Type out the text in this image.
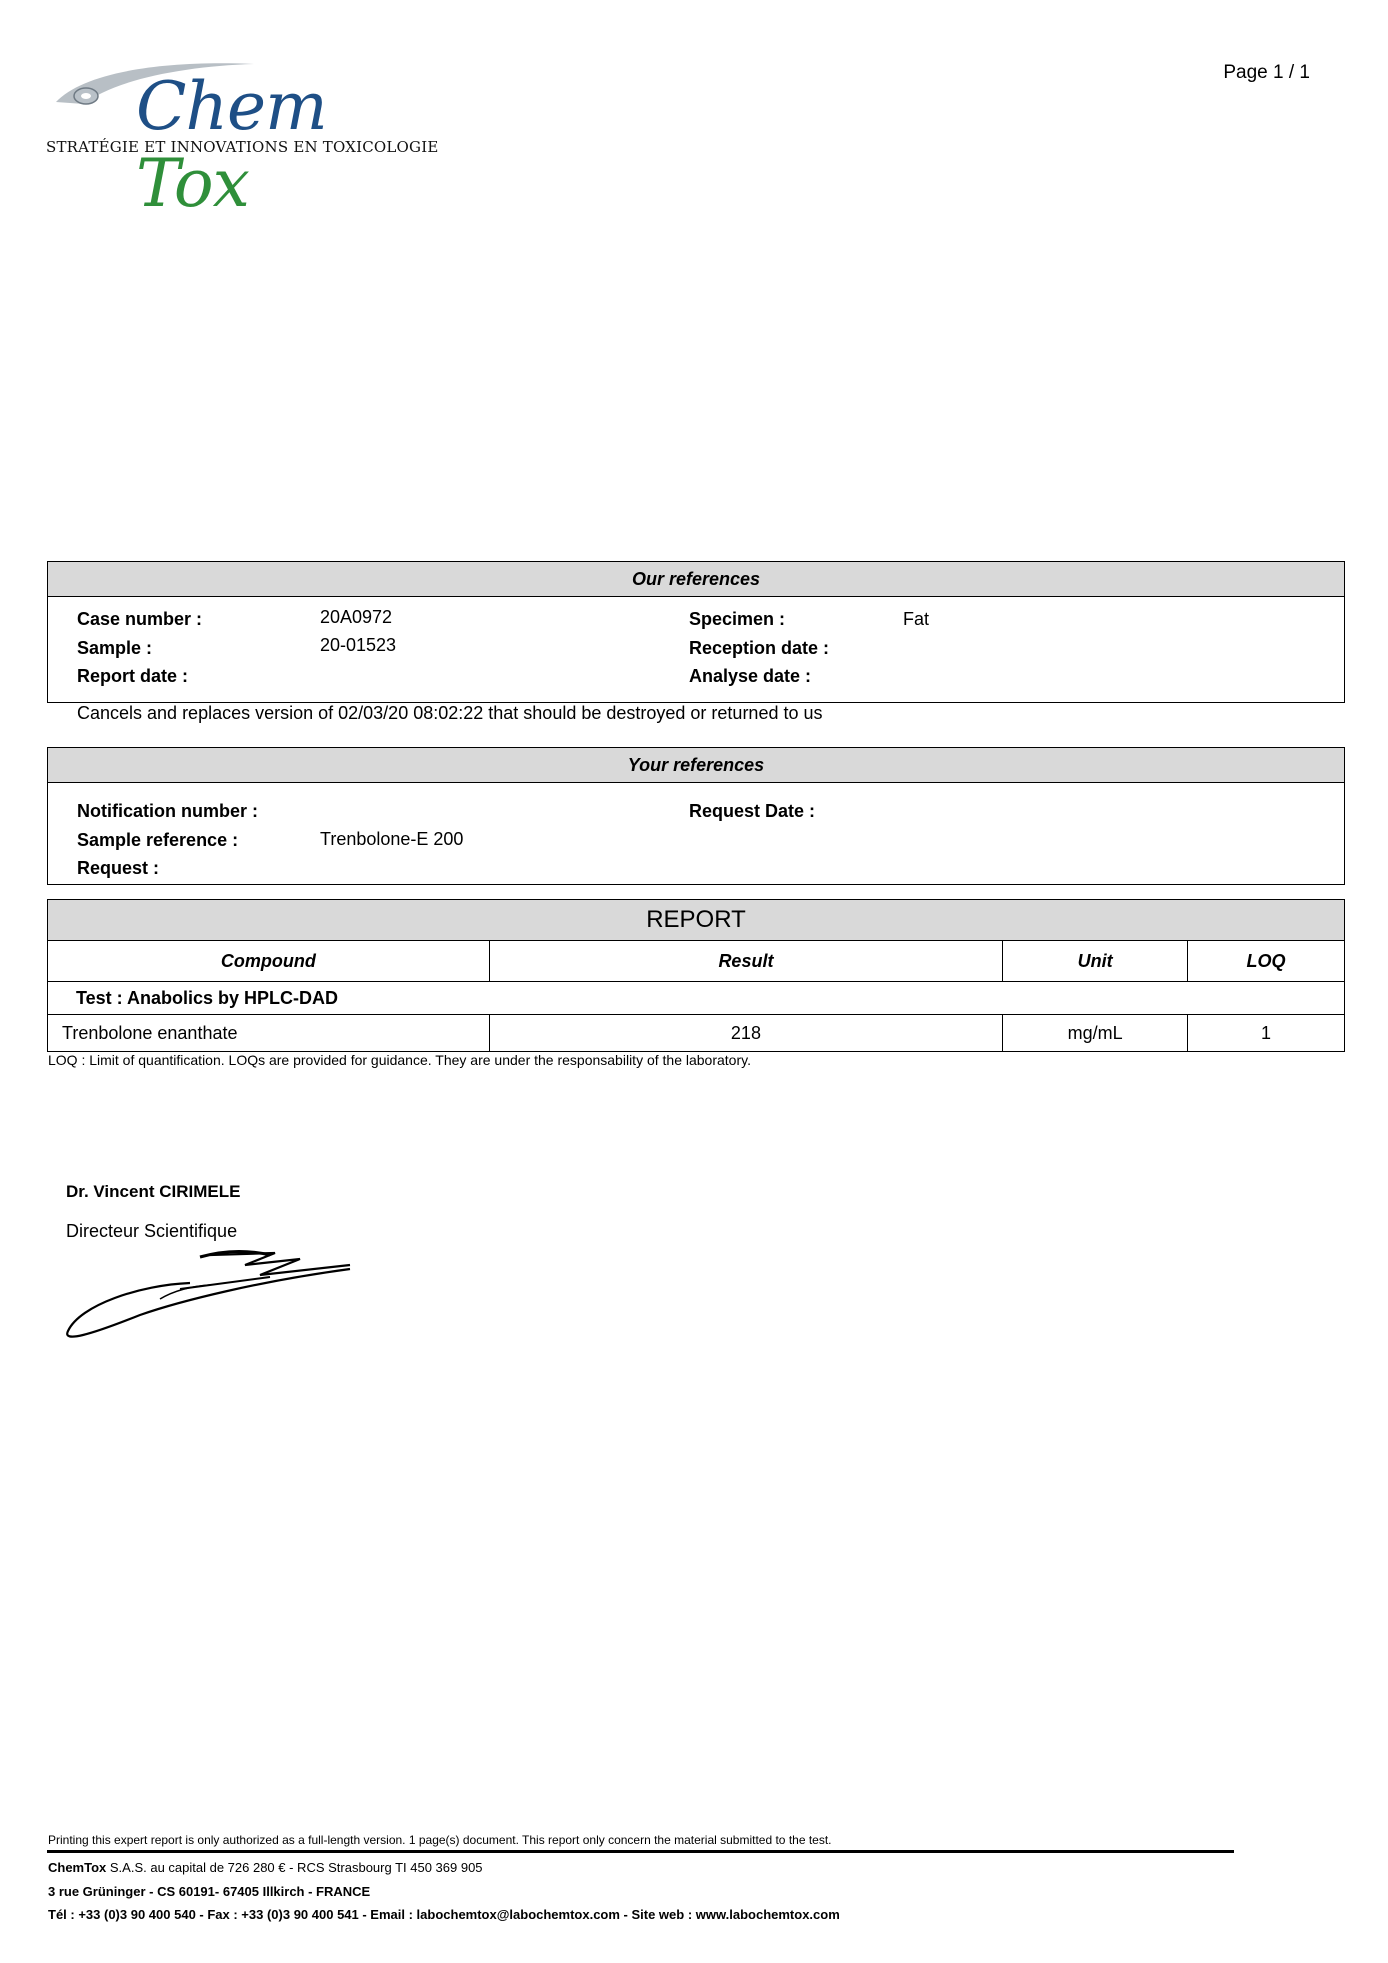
Chem Tox
STRATÉGIE ET INNOVATIONS EN TOXICOLOGIE
Page 1 / 1
Our references
Case number :	20A0972
Sample :	20-01523
Report date :
Specimen :	Fat
Reception date :
Analyse date :
Cancels and replaces version of 02/03/20 08:02:22 that should be destroyed or returned to us
Your references
Notification number :
Sample reference :	Trenbolone-E 200
Request :
Request Date :
REPORT			
Compound	Result	Unit	LOQ
Test : Anabolics by HPLC-DAD			
Trenbolone enanthate	218	mg/mL	1
LOQ : Limit of quantification. LOQs are provided for guidance. They are under the responsability of the laboratory.
Dr. Vincent CIRIMELE
Directeur Scientifique
Printing this expert report is only authorized as a full-length version. 1 page(s) document. This report only concern the material submitted to the test.
ChemTox S.A.S. au capital de 726 280 € - RCS Strasbourg TI 450 369 905
3 rue Grüninger - CS 60191- 67405 Illkirch - FRANCE
Tél : +33 (0)3 90 400 540 - Fax : +33 (0)3 90 400 541 - Email : labochemtox@labochemtox.com - Site web : www.labochemtox.com
